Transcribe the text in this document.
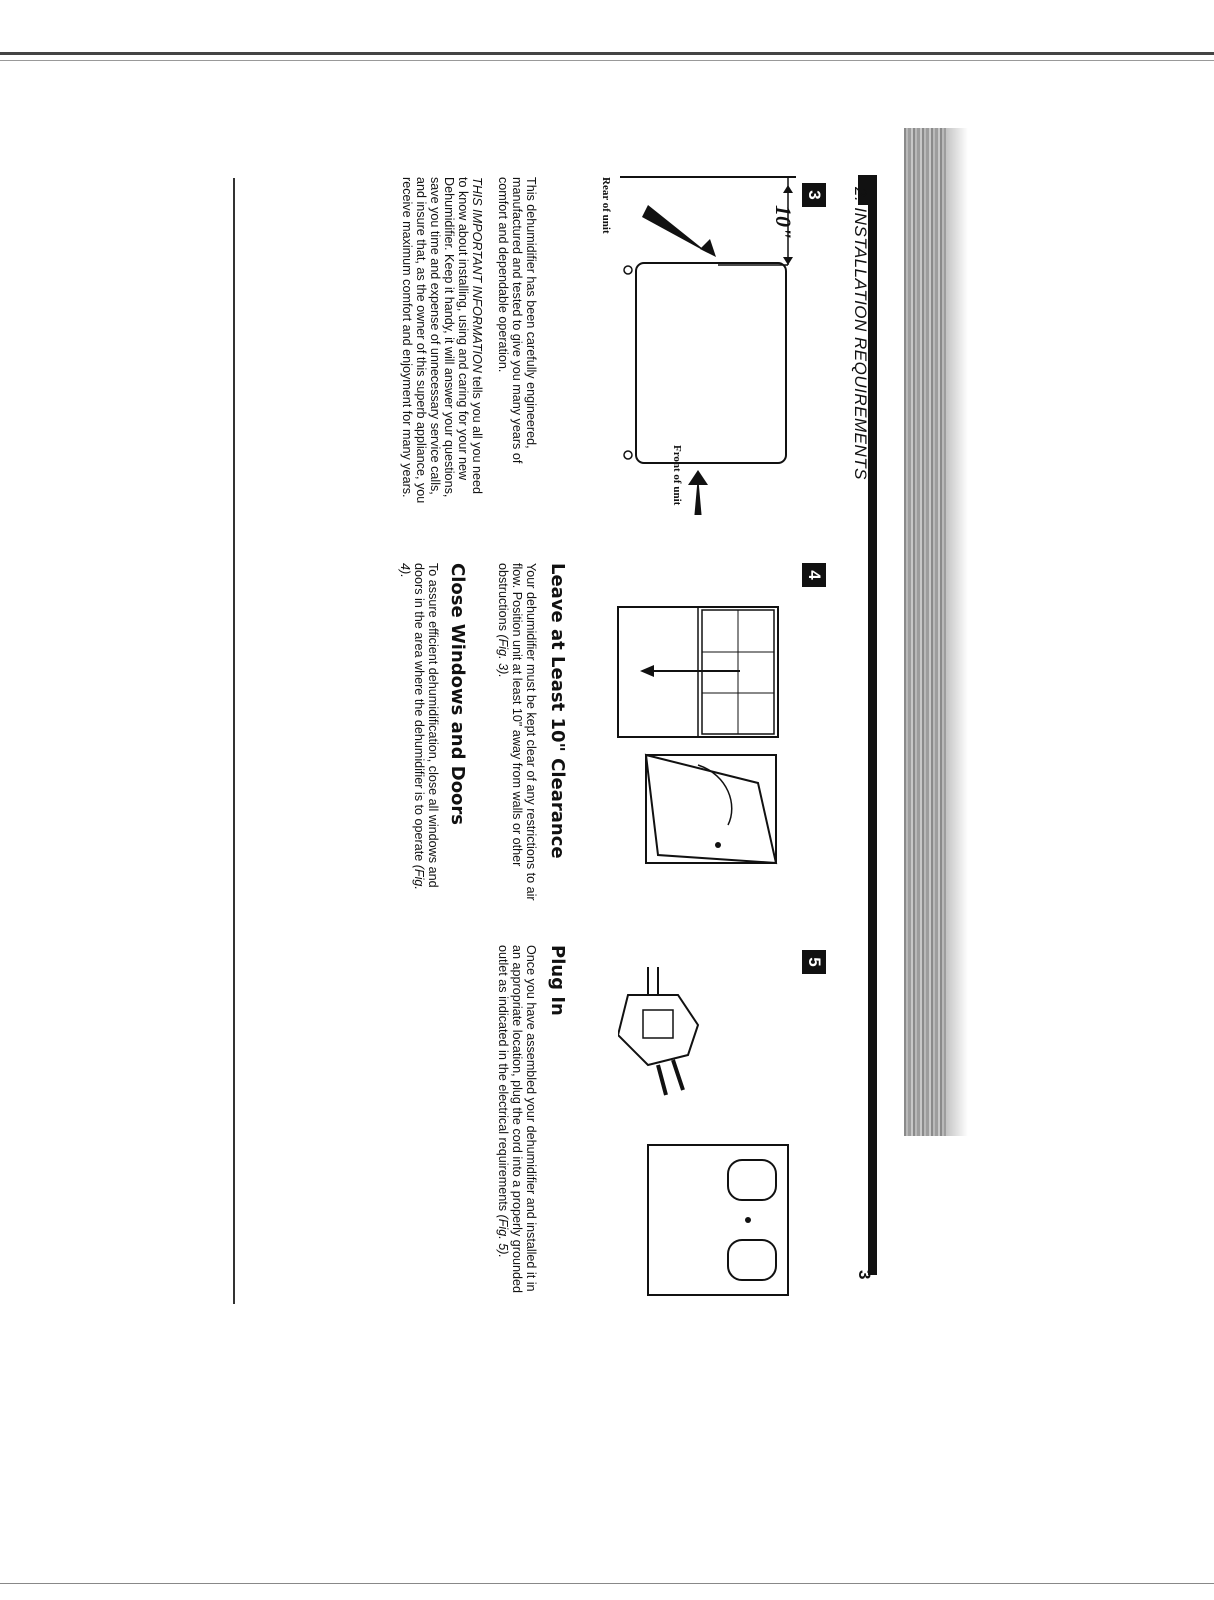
2. INSTALLATION REQUIREMENTS
3
10"
Rear of unit
Front of unit
4
5

This dehumidifier has been carefully engineered, manufactured and tested to give you many years of comfort and dependable operation.

THIS IMPORTANT INFORMATION tells you all you need to know about installing, using and caring for your new Dehumidifier. Keep it handy, it will answer your questions, save you time and expense of unnecessary service calls, and insure that, as the owner of this superb appliance, you receive maximum comfort and enjoyment for many years.

Leave at Least 10" Clearance
Your dehumidifier must be kept clear of any restrictions to air flow. Position unit at least 10" away from walls or other obstructions (Fig. 3).
Close Windows and Doors
To assure efficient dehumidification, close all windows and doors in the area where the dehumidifier is to operate (Fig. 4).
Plug In
Once you have assembled your dehumidifier and installed it in an appropriate location, plug the cord into a properly grounded outlet as indicated in the electrical requirements (Fig. 5).
3
